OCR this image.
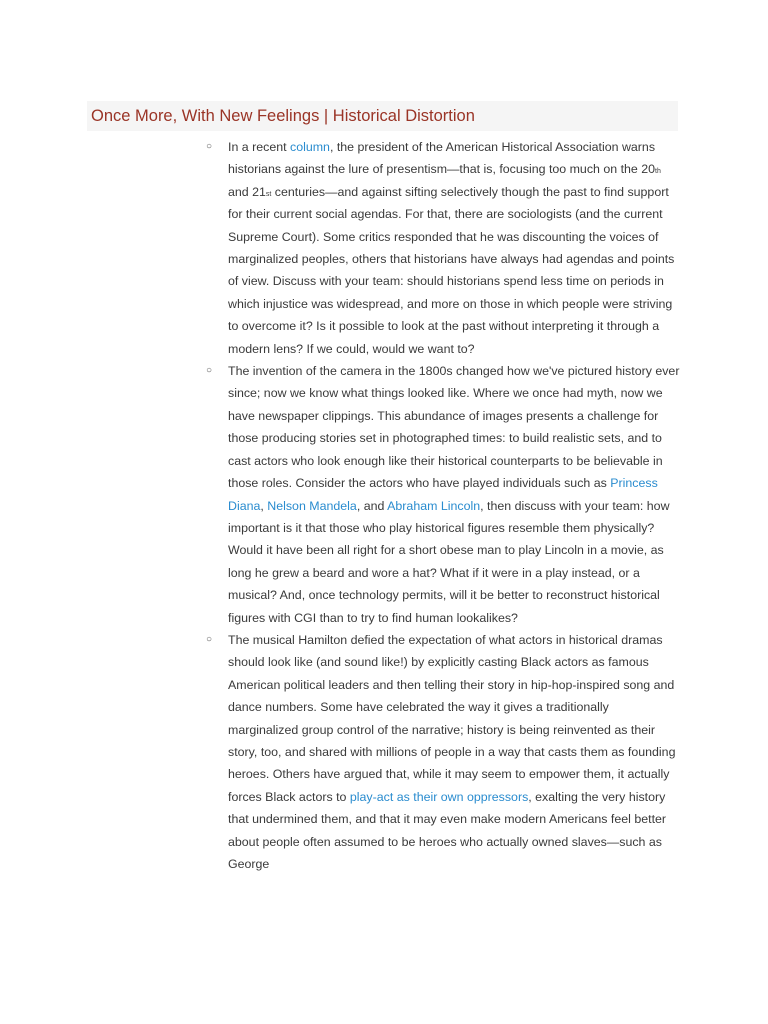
Once More, With New Feelings | Historical Distortion
○ In a recent column, the president of the American Historical Association warns historians against the lure of presentism—that is, focusing too much on the 20th and 21st centuries—and against sifting selectively though the past to find support for their current social agendas. For that, there are sociologists (and the current Supreme Court). Some critics responded that he was discounting the voices of marginalized peoples, others that historians have always had agendas and points of view. Discuss with your team: should historians spend less time on periods in which injustice was widespread, and more on those in which people were striving to overcome it? Is it possible to look at the past without interpreting it through a modern lens? If we could, would we want to?
○ The invention of the camera in the 1800s changed how we've pictured history ever since; now we know what things looked like. Where we once had myth, now we have newspaper clippings. This abundance of images presents a challenge for those producing stories set in photographed times: to build realistic sets, and to cast actors who look enough like their historical counterparts to be believable in those roles. Consider the actors who have played individuals such as Princess Diana, Nelson Mandela, and Abraham Lincoln, then discuss with your team: how important is it that those who play historical figures resemble them physically? Would it have been all right for a short obese man to play Lincoln in a movie, as long he grew a beard and wore a hat? What if it were in a play instead, or a musical? And, once technology permits, will it be better to reconstruct historical figures with CGI than to try to find human lookalikes?
○ The musical Hamilton defied the expectation of what actors in historical dramas should look like (and sound like!) by explicitly casting Black actors as famous American political leaders and then telling their story in hip-hop-inspired song and dance numbers. Some have celebrated the way it gives a traditionally marginalized group control of the narrative; history is being reinvented as their story, too, and shared with millions of people in a way that casts them as founding heroes. Others have argued that, while it may seem to empower them, it actually forces Black actors to play-act as their own oppressors, exalting the very history that undermined them, and that it may even make modern Americans feel better about people often assumed to be heroes who actually owned slaves—such as George
